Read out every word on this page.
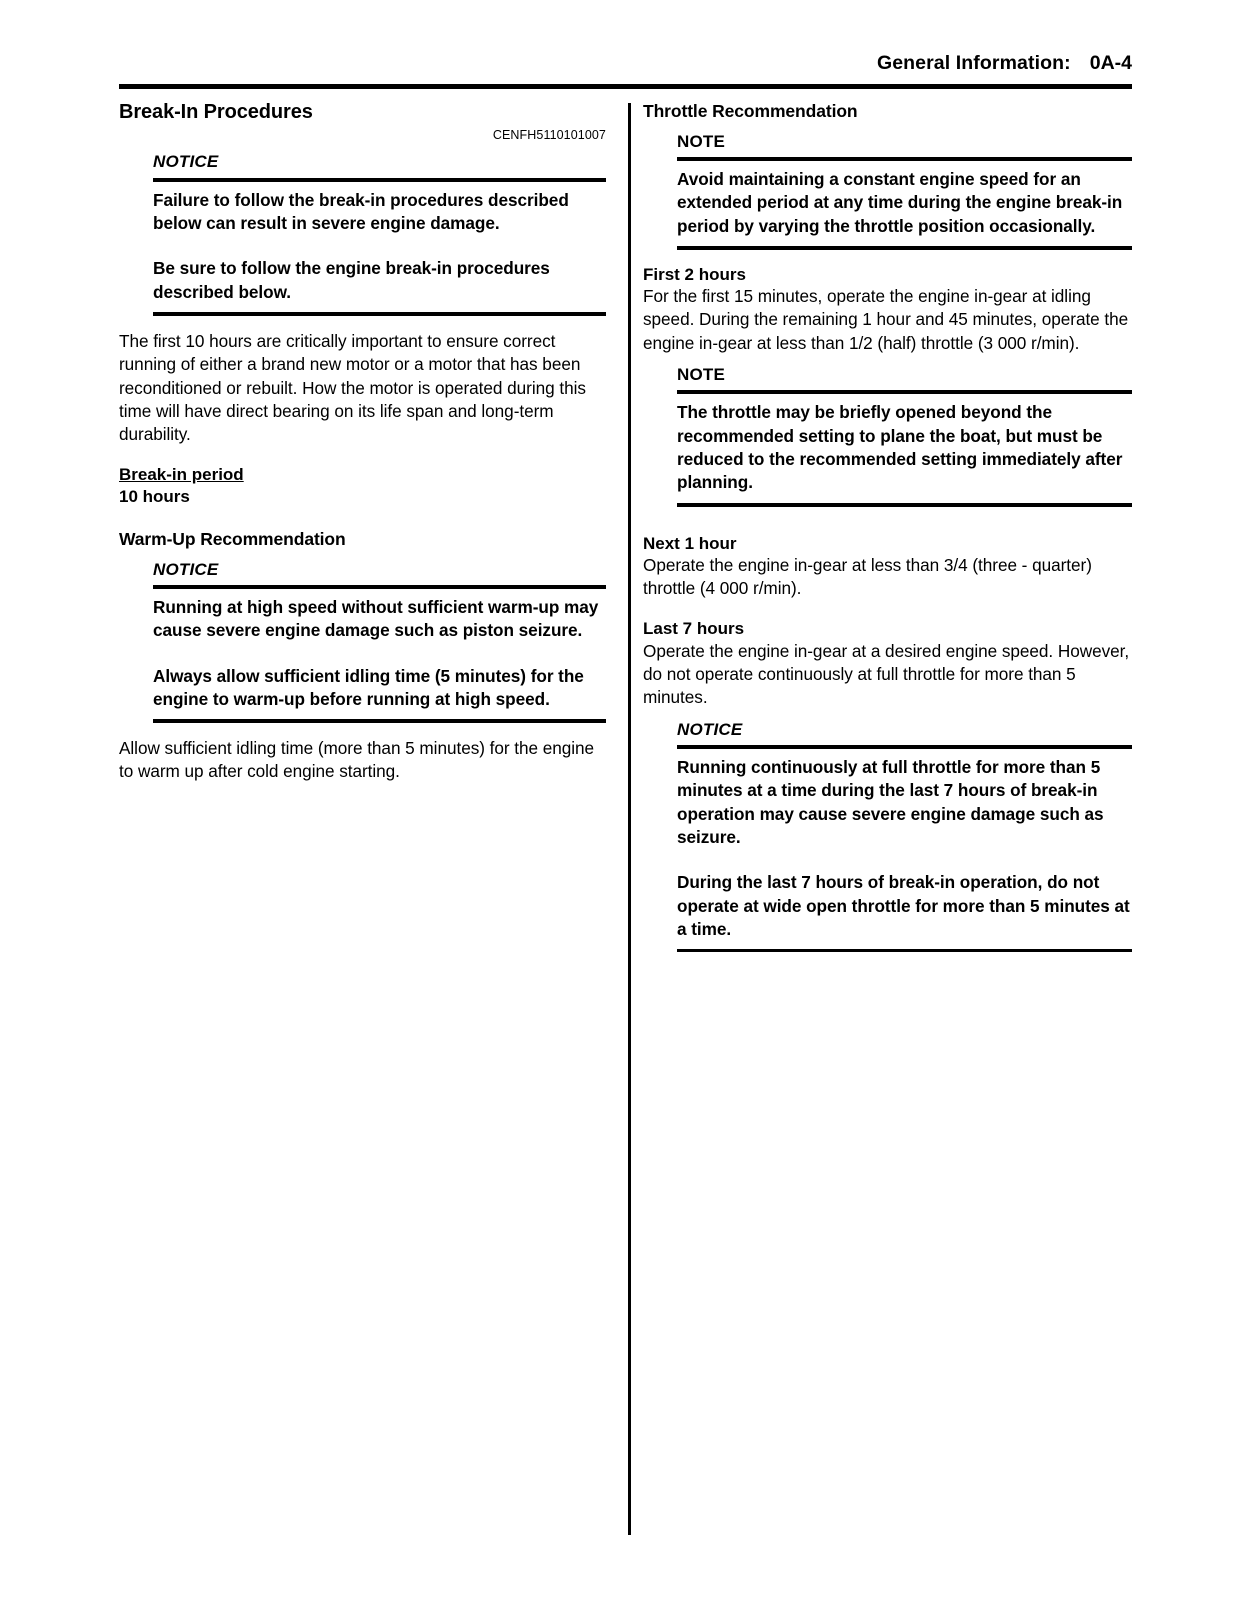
General Information: 0A-4
Break-In Procedures
CENFH5110101007
NOTICE

Failure to follow the break-in procedures described below can result in severe engine damage.

Be sure to follow the engine break-in procedures described below.

The first 10 hours are critically important to ensure correct running of either a brand new motor or a motor that has been reconditioned or rebuilt. How the motor is operated during this time will have direct bearing on its life span and long-term durability.

Break-in period
10 hours
Warm-Up Recommendation
NOTICE

Running at high speed without sufficient warm-up may cause severe engine damage such as piston seizure.

Always allow sufficient idling time (5 minutes) for the engine to warm-up before running at high speed.

Allow sufficient idling time (more than 5 minutes) for the engine to warm up after cold engine starting.

Throttle Recommendation
NOTE

Avoid maintaining a constant engine speed for an extended period at any time during the engine break-in period by varying the throttle position occasionally.

First 2 hours

For the first 15 minutes, operate the engine in-gear at idling speed. During the remaining 1 hour and 45 minutes, operate the engine in-gear at less than 1/2 (half) throttle (3 000 r/min).

NOTE

The throttle may be briefly opened beyond the recommended setting to plane the boat, but must be reduced to the recommended setting immediately after planning.

Next 1 hour

Operate the engine in-gear at less than 3/4 (three - quarter) throttle (4 000 r/min).

Last 7 hours

Operate the engine in-gear at a desired engine speed. However, do not operate continuously at full throttle for more than 5 minutes.

NOTICE

Running continuously at full throttle for more than 5 minutes at a time during the last 7 hours of break-in operation may cause severe engine damage such as seizure.

During the last 7 hours of break-in operation, do not operate at wide open throttle for more than 5 minutes at a time.
